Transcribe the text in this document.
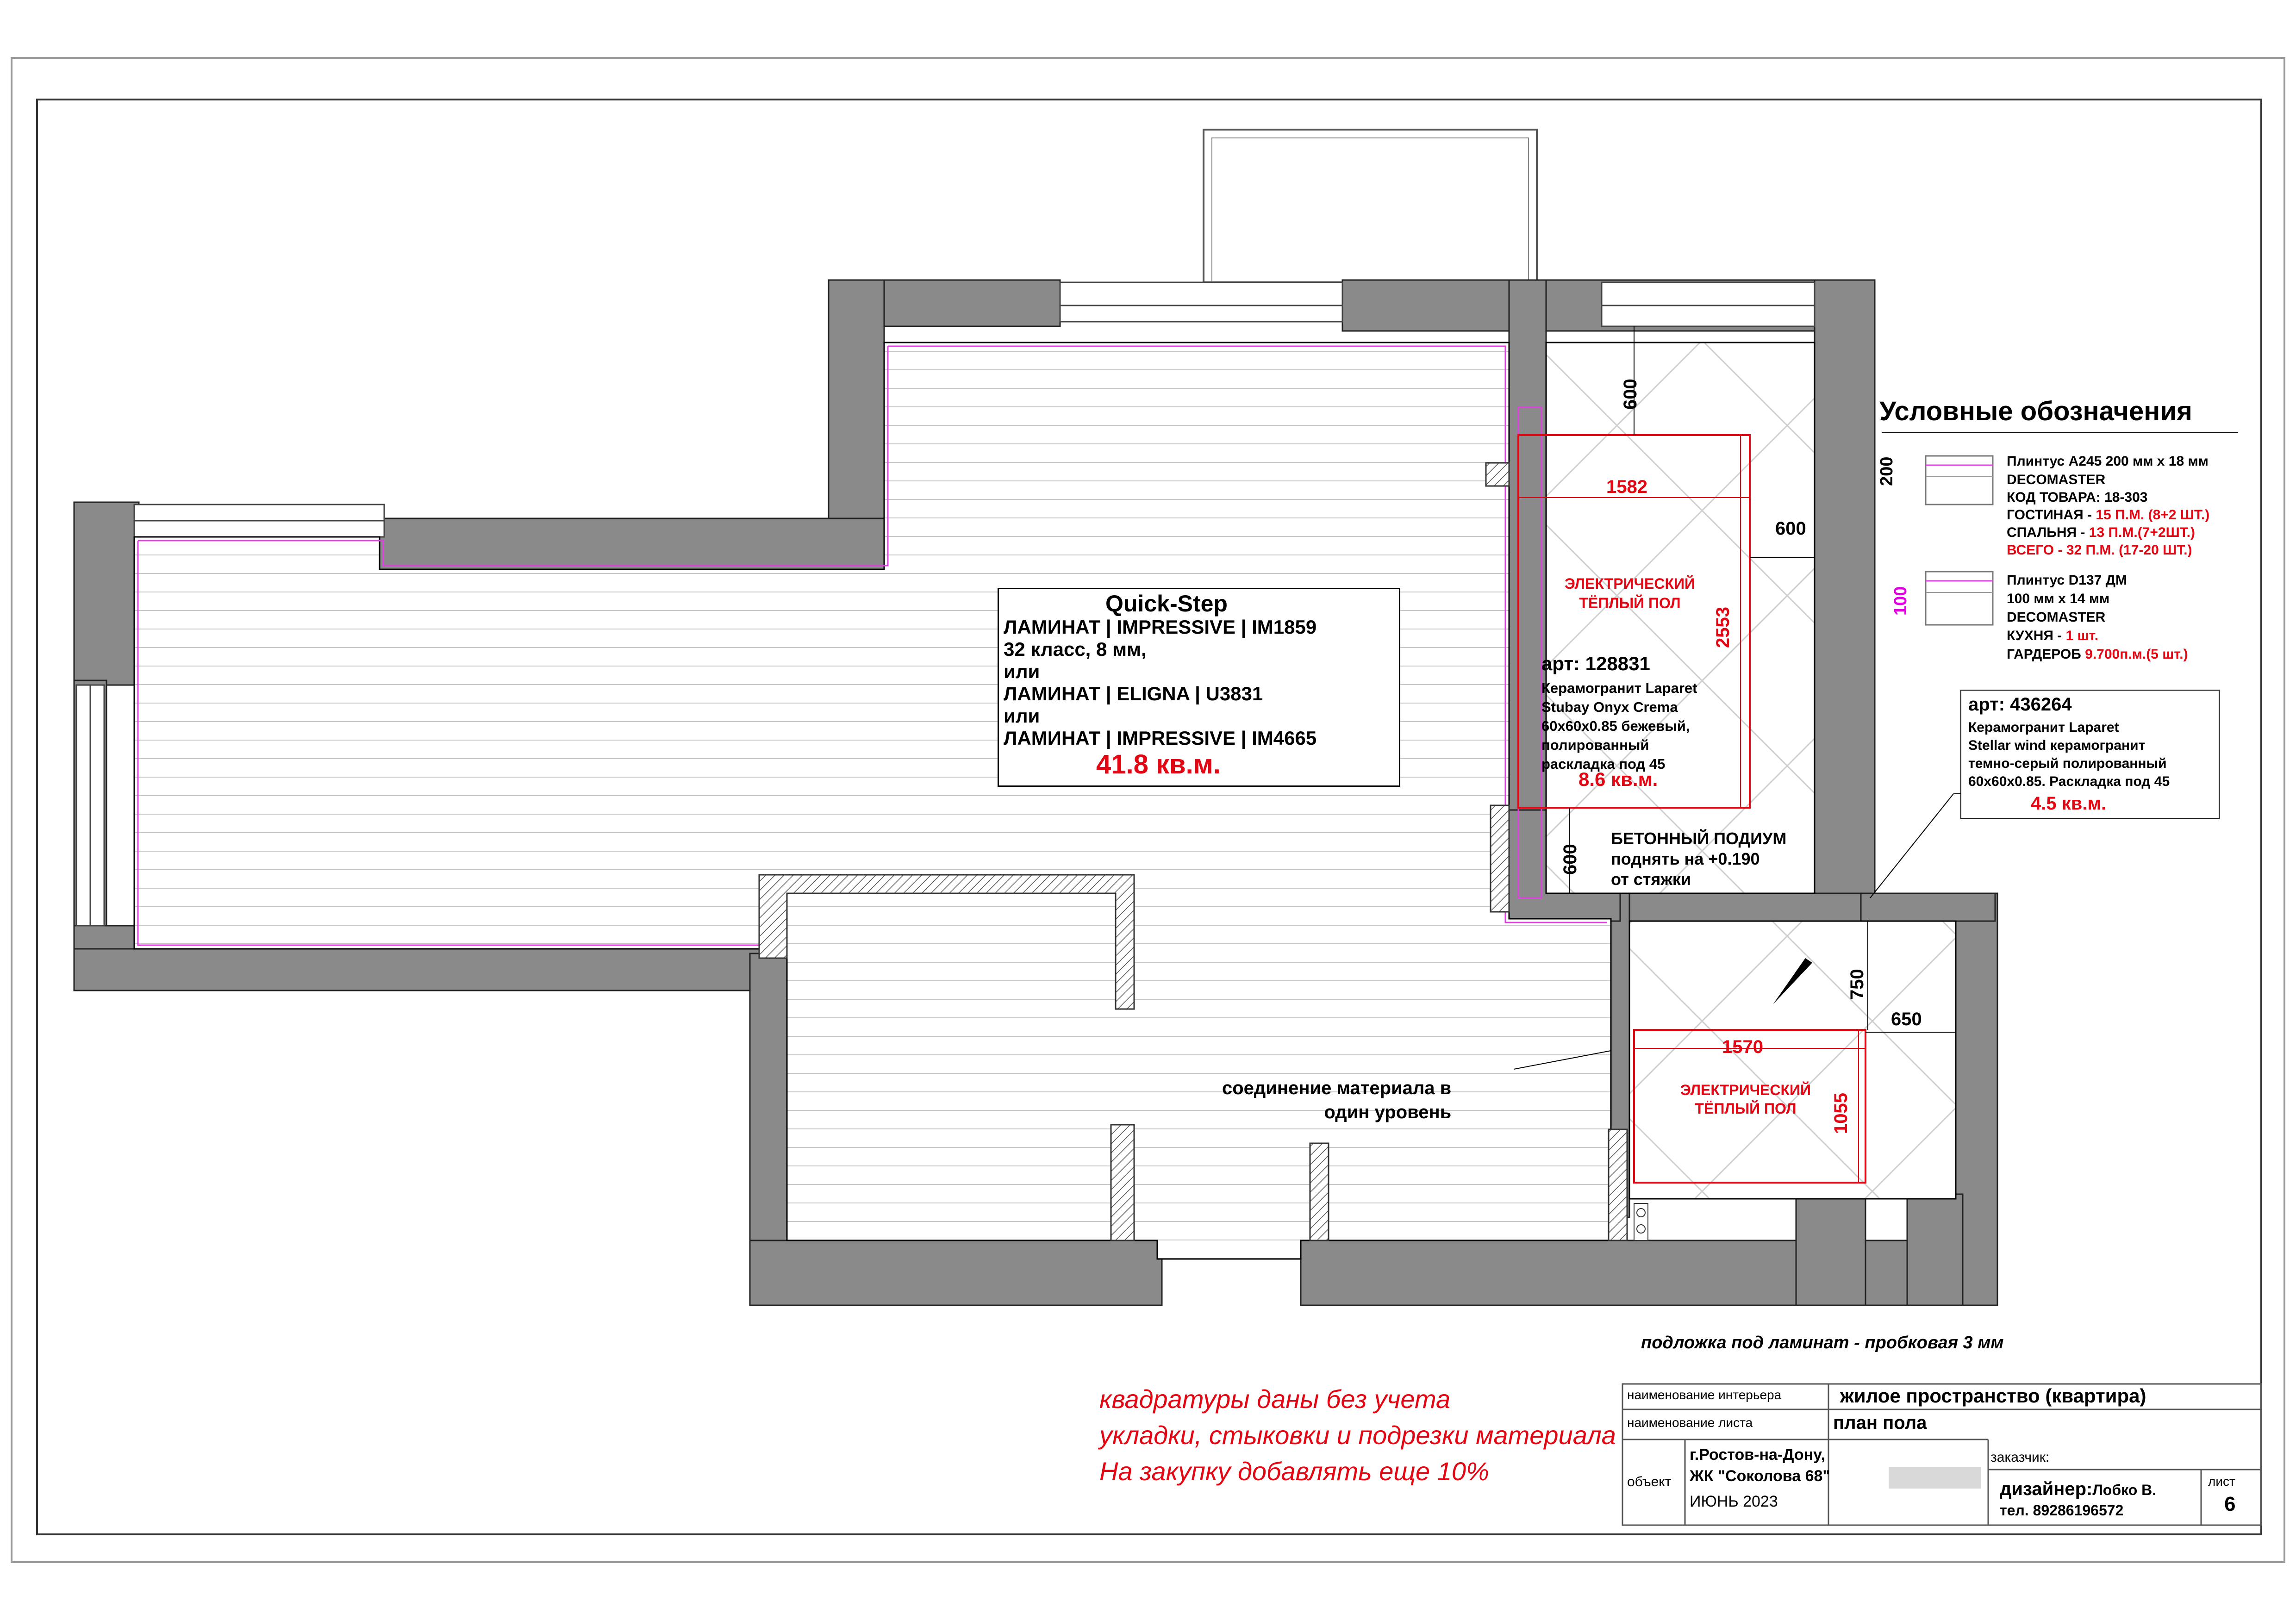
Условные обозначения
200	Плинтус А245 200 мм х 18 мм
DECOMASTER
КОД ТОВАРА: 18-303
ГОСТИНАЯ - 15 П.М. (8+2 ШТ.)
СПАЛЬНЯ - 13 П.М.(7+2ШТ.)
ВСЕГО - 32 П.М. (17-20 ШТ.)
100
Плинтус D137 ДМ
100 мм х 14 мм
DECOMASTER
КУХНЯ - 1 шт.
ГАРДЕРОБ 9.700п.м.(5 шт.)
Quick-Step
ЛАМИНАТ | IMPRESSIVE | IM1859
32 класс, 8 мм,
или
ЛАМИНАТ | ELIGNA | U3831
или
ЛАМИНАТ | IMPRESSIVE | IM4665
41.8 кв.м.
1582
2553
600
600
600
ЭЛЕКТРИЧЕСКИЙ
ТЁПЛЫЙ ПОЛ
арт: 128831
Керамогранит Laparet
Stubay Onyx Crema
60х60х0.85 бежевый,
полированный
раскладка под 45
8.6 кв.м.
БЕТОННЫЙ ПОДИУМ
поднять на +0.190
от стяжки
арт: 436264
Керамогранит Laparet
Stellar wind керамогранит
темно-серый полированный
60х60х0.85. Раскладка под 45
4.5 кв.м.
750
650
1570
1055
ЭЛЕКТРИЧЕСКИЙ
ТЁПЛЫЙ ПОЛ
соединение материала в
один уровень
подложка под ламинат - пробковая 3 мм
квадратуры даны без учета
укладки, стыковки и подрезки материала
На закупку добавлять еще 10%
наименование интерьера	жилое пространство (квартира)
наименование листа	план пола
объект
г.Ростов-на-Дону,
ЖК "Соколова 68"
ИЮНЬ 2023
заказчик:
дизайнер:Лобко В.
тел. 89286196572
лист
6
